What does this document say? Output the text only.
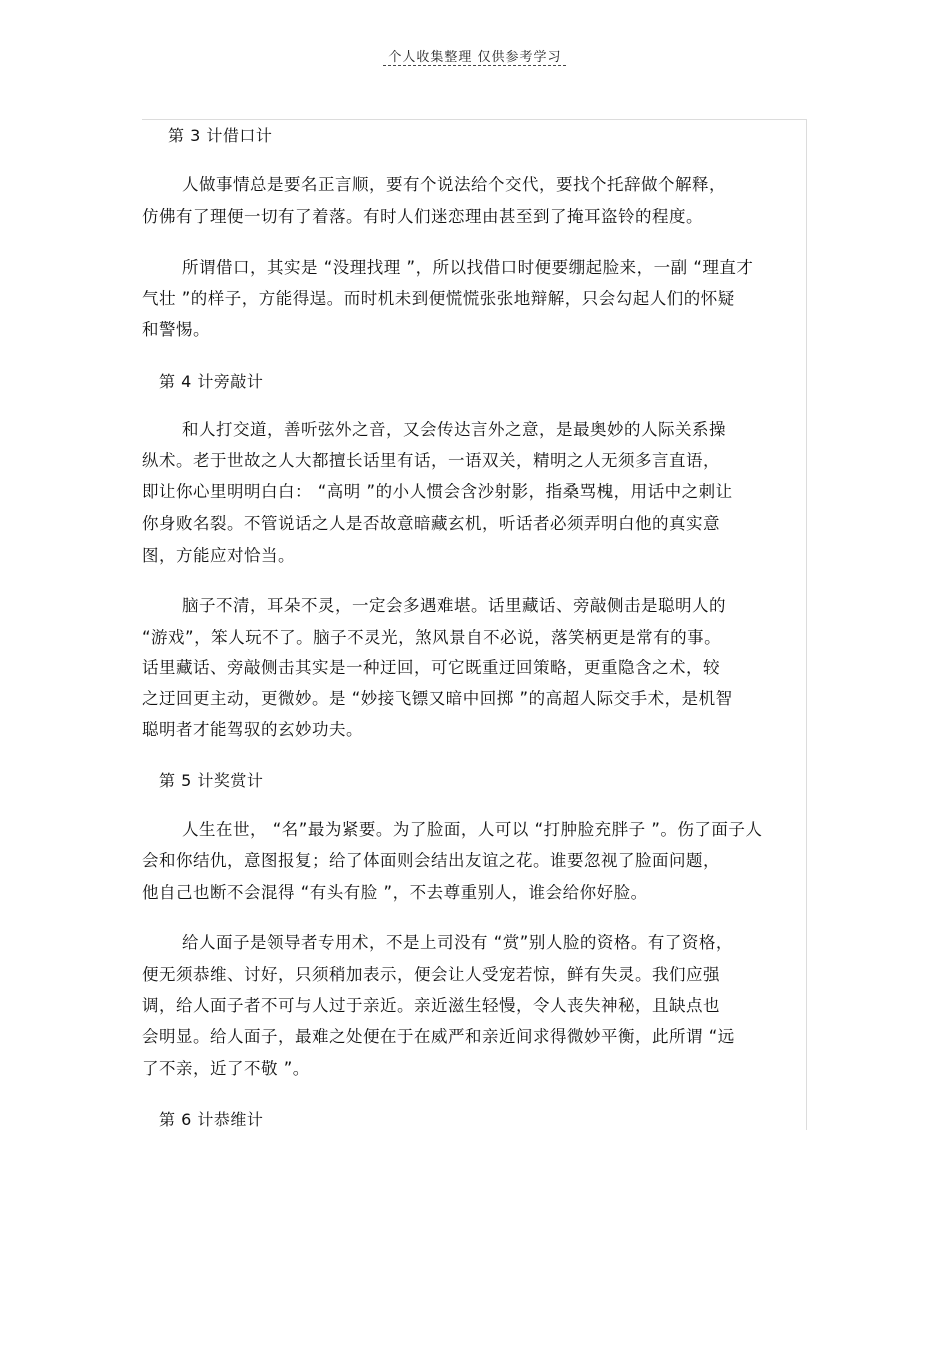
个人收集整理 仅供参考学习
第 3 计借口计
人做事情总是要名正言顺，要有个说法给个交代，要找个托辞做个解释，
仿佛有了理便一切有了着落。有时人们迷恋理由甚至到了掩耳盗铃的程度。
所谓借口，其实是 “没理找理 ”，所以找借口时便要绷起脸来，一副 “理直才
气壮 ”的样子，方能得逞。而时机未到便慌慌张张地辩解，只会勾起人们的怀疑
和警惕。
第 4 计旁敲计
和人打交道，善听弦外之音，又会传达言外之意，是最奥妙的人际关系操
纵术。老于世故之人大都擅长话里有话，一语双关，精明之人无须多言直语，
即让你心里明明白白： “高明 ”的小人惯会含沙射影，指桑骂槐，用话中之刺让
你身败名裂。不管说话之人是否故意暗藏玄机，听话者必须弄明白他的真实意
图，方能应对恰当。
脑子不清，耳朵不灵，一定会多遇难堪。话里藏话、旁敲侧击是聪明人的
“游戏”，笨人玩不了。脑子不灵光，煞风景自不必说，落笑柄更是常有的事。
话里藏话、旁敲侧击其实是一种迂回，可它既重迂回策略，更重隐含之术，较
之迂回更主动，更微妙。是 “妙接飞镖又暗中回掷 ”的高超人际交手术，是机智
聪明者才能驾驭的玄妙功夫。
第 5 计奖赏计
人生在世， “名”最为紧要。为了脸面，人可以 “打肿脸充胖子 ”。伤了面子人
会和你结仇，意图报复；给了体面则会结出友谊之花。谁要忽视了脸面问题，
他自己也断不会混得 “有头有脸 ”，不去尊重别人，谁会给你好脸。
给人面子是领导者专用术，不是上司没有 “赏”别人脸的资格。有了资格，
便无须恭维、讨好，只须稍加表示，便会让人受宠若惊，鲜有失灵。我们应强
调，给人面子者不可与人过于亲近。亲近滋生轻慢，令人丧失神秘，且缺点也
会明显。给人面子，最难之处便在于在威严和亲近间求得微妙平衡，此所谓 “远
了不亲，近了不敬 ”。
第 6 计恭维计
